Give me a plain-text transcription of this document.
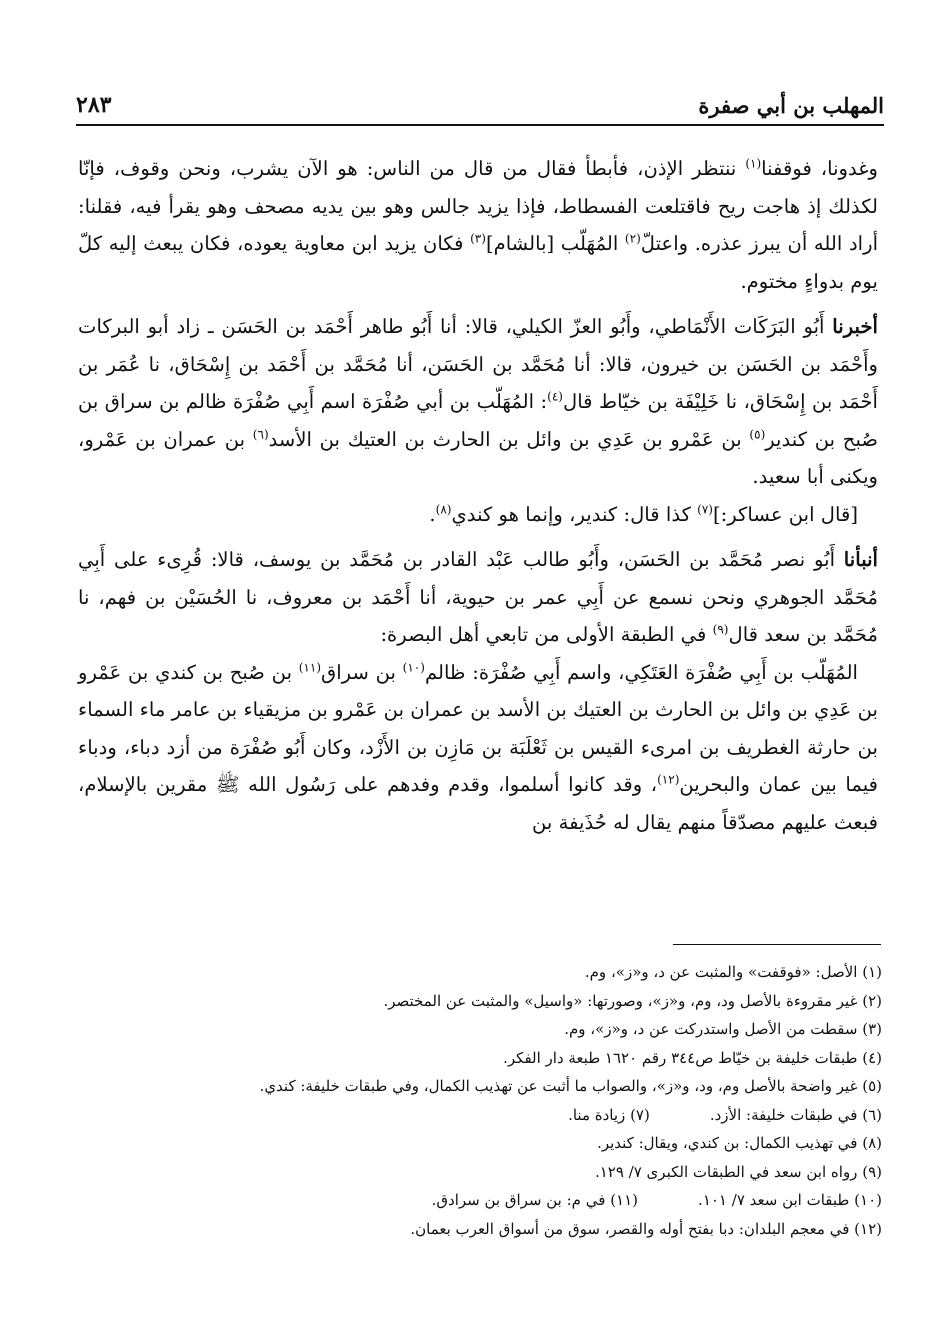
المهلب بن أبي صفرة
٢٨٣

وغدونا، فوقفنا$^{(١)}$ ننتظر الإذن، فأبطأ فقال من قال من الناس: هو الآن يشرب، ونحن وقوف، فإنّا لكذلك إذ هاجت ريح فاقتلعت الفسطاط، فإذا يزيد جالس وهو بين يديه مصحف وهو يقرأ فيه، فقلنا: أراد الله أن يبرز عذره. واعتلّ$^{(٢)}$ المُهَلّب [بالشام]$^{(٣)}$ فكان يزيد ابن معاوية يعوده، فكان يبعث إليه كلّ يوم بدواءٍ مختوم.

أخبرنا أَبُو البَرَكَات الأَنْمَاطي، وأَبُو العزّ الكيلي، قالا: أنا أَبُو طاهر أَحْمَد بن الحَسَن ـ زاد أبو البركات وأَحْمَد بن الحَسَن بن خيرون، قالا: أنا مُحَمَّد بن الحَسَن، أنا مُحَمَّد بن أَحْمَد بن إِسْحَاق، نا عُمَر بن أَحْمَد بن إِسْحَاق، نا خَلِيْفَة بن خيّاط قال$^{(٤)}$: المُهَلّب بن أبي صُفْرَة اسم أَبِي صُفْرَة ظالم بن سراق بن صُبح بن كندير$^{(٥)}$ بن عَمْرو بن عَدِي بن وائل بن الحارث بن العتيك بن الأسد$^{(٦)}$ بن عمران بن عَمْرو، ويكنى أبا سعيد.

[قال ابن عساكر:]$^{(٧)}$ كذا قال: كندير، وإنما هو كندي$^{(٨)}$.

أنبأنا أَبُو نصر مُحَمَّد بن الحَسَن، وأَبُو طالب عَبْد القادر بن مُحَمَّد بن يوسف، قالا: قُرِىء على أَبِي مُحَمَّد الجوهري ونحن نسمع عن أَبِي عمر بن حيوية، أنا أَحْمَد بن معروف، نا الحُسَيْن بن فهم، نا مُحَمَّد بن سعد قال$^{(٩)}$ في الطبقة الأولى من تابعي أهل البصرة:

المُهَلّب بن أَبِي صُفْرَة العَتَكِي، واسم أَبِي صُفْرَة: ظالم$^{(١٠)}$ بن سراق$^{(١١)}$ بن صُبح بن كندي بن عَمْرو بن عَدِي بن وائل بن الحارث بن العتيك بن الأسد بن عمران بن عَمْرو بن مزيقياء بن عامر ماء السماء بن حارثة الغطريف بن امرىء القيس بن ثَعْلَبَة بن مَازِن بن الأَزْد، وكان أَبُو صُفْرَة من أزد دباء، ودباء فيما بين عمان والبحرين$^{(١٢)}$، وقد كانوا أسلموا، وقدم وفدهم على رَسُول الله ﷺ مقرين بالإسلام، فبعث عليهم مصدّقاً منهم يقال له حُذَيفة بن

(١) الأصل: «فوقفت» والمثبت عن د، و«ز»، وم.
(٢) غير مقروءة بالأصل ود، وم، و«ز»، وصورتها: «واسيل» والمثبت عن المختصر.
(٣) سقطت من الأصل واستدركت عن د، و«ز»، وم.
(٤) طبقات خليفة بن خيّاط ص٣٤٤ رقم ١٦٢٠ طبعة دار الفكر.
(٥) غير واضحة بالأصل وم، ود، و«ز»، والصواب ما أثبت عن تهذيب الكمال، وفي طبقات خليفة: كندي.
(٦) في طبقات خليفة: الأزد.
(٧) زيادة منا.
(٨) في تهذيب الكمال: بن كندي، ويقال: كندير.
(٩) رواه ابن سعد في الطبقات الكبرى ٧/ ١٢٩.
(١٠) طبقات ابن سعد ٧/ ١٠١.
(١١) في م: بن سراق بن سرادق.
(١٢) في معجم البلدان: دبا بفتح أوله والقصر، سوق من أسواق العرب بعمان.
